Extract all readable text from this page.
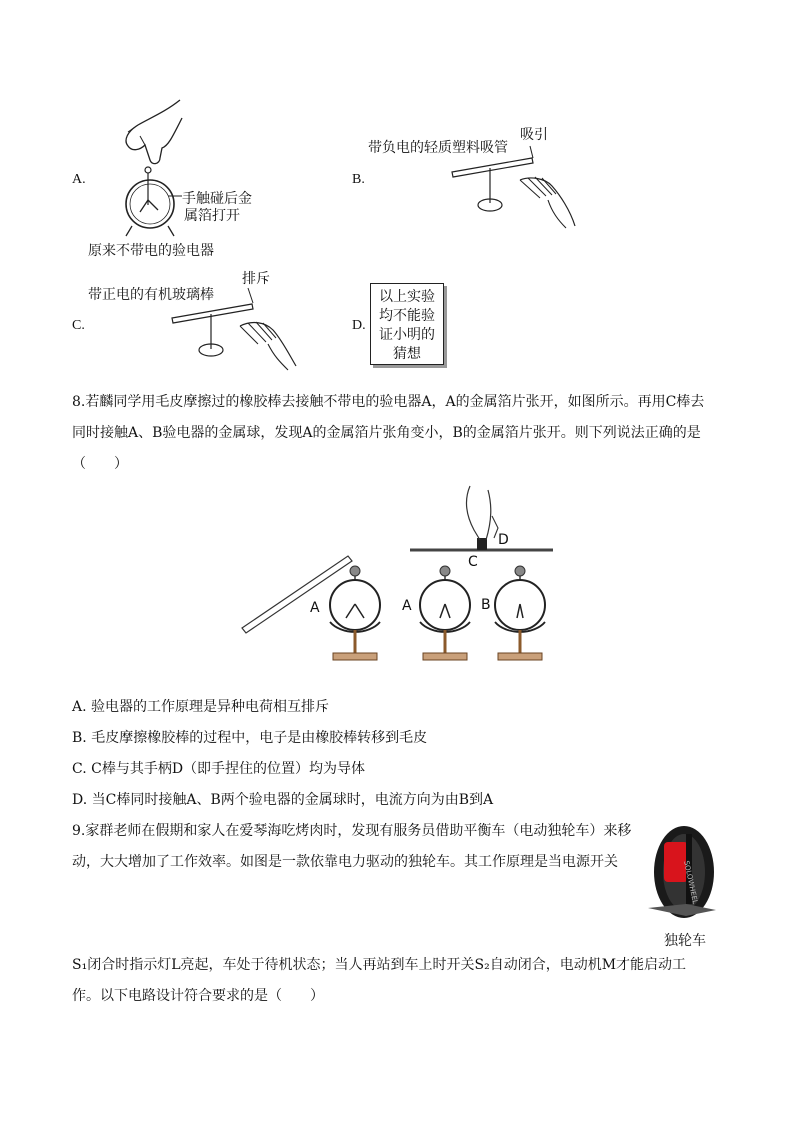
A.
手触碰后金
属箔打开
原来不带电的验电器
B.
带负电的轻质塑料吸管
吸引
C.
带正电的有机玻璃棒
排斥
D.
以上实验
均不能验
证小明的
猜想
8.若麟同学用毛皮摩擦过的橡胶棒去接触不带电的验电器A，A的金属箔片张开，如图所示。再用C棒去
同时接触A、B验电器的金属球，发现A的金属箔片张角变小，B的金属箔片张开。则下列说法正确的是
（　　）
A	A	B
C
D
A. 验电器的工作原理是异种电荷相互排斥
B. 毛皮摩擦橡胶棒的过程中，电子是由橡胶棒转移到毛皮
C. C棒与其手柄D（即手捏住的位置）均为导体
D. 当C棒同时接触A、B两个验电器的金属球时，电流方向为由B到A
9.家群老师在假期和家人在爱琴海吃烤肉时，发现有服务员借助平衡车（电动独轮车）来移
动，大大增加了工作效率。如图是一款依靠电力驱动的独轮车。其工作原理是当电源开关	SOLOWHEEL
独轮车
S₁闭合时指示灯L亮起，车处于待机状态；当人再站到车上时开关S₂自动闭合，电动机M才能启动工
作。以下电路设计符合要求的是（　　）
